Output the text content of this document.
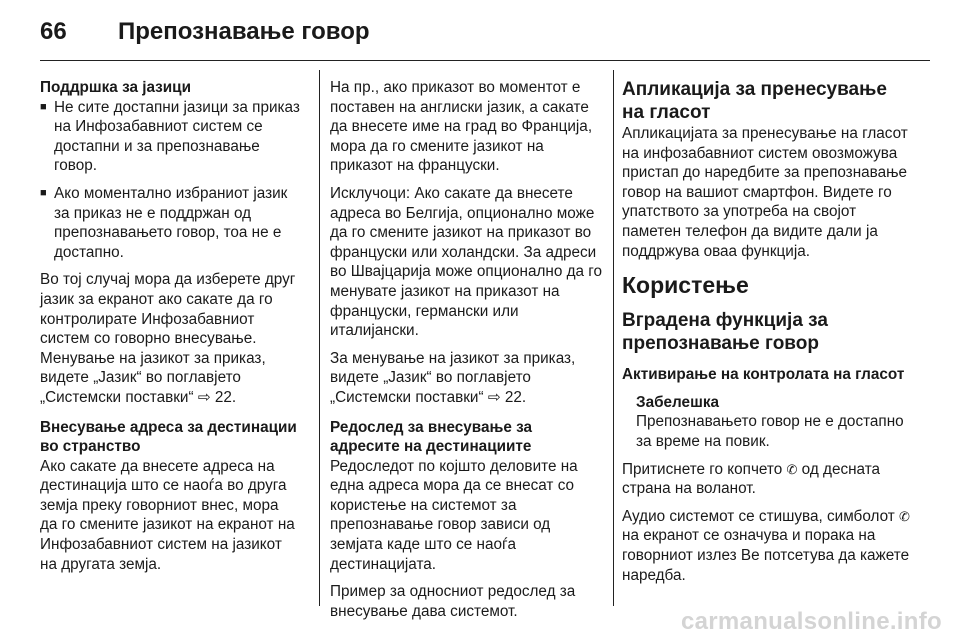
66	Препознавање говор

Поддршка за јазици

■ Не сите достапни јазици за приказ на Инфозабавниот систем се достапни и за препознавање говор.
■ Ако моментално избраниот јазик за приказ не е поддржан од препознавањето говор, тоа не е достапно.

Во тој случај мора да изберете друг јазик за екранот ако сакате да го контролирате Инфозабавниот систем со говорно внесување. Менување на јазикот за приказ, видете „Јазик“ во поглавјето „Системски поставки“ ⇨ 22.

Внесување адреса за дестинации во странство

Ако сакате да внесете адреса на дестинација што се наоѓа во друга земја преку говорниот внес, мора да го смените јазикот на екранот на Инфозабавниот систем на јазикот на другата земја.

На пр., ако приказот во моментот е поставен на англиски јазик, а сакате да внесете име на град во Франција, мора да го смените јазикот на приказот на француски.

Исклучоци: Ако сакате да внесете адреса во Белгија, опционално може да го смените јазикот на приказот во француски или холандски. За адреси во Швајцарија може опционално да го менувате јазикот на приказот на француски, германски или италијански.

За менување на јазикот за приказ, видете „Јазик“ во поглавјето „Системски поставки“ ⇨ 22.

Редослед за внесување за адресите на дестинациите

Редоследот по којшто деловите на една адреса мора да се внесат со користење на системот за препознавање говор зависи од земјата каде што се наоѓа дестинацијата.

Пример за односниот редослед за внесување дава системот.

Апликација за пренесување на гласот

Апликацијата за пренесување на гласот на инфозабавниот систем овозможува пристап до наредбите за препознавање говор на вашиот смартфон. Видете го упатството за употреба на својот паметен телефон да видите дали ја поддржува оваа функција.

Користење

Вградена функција за препознавање говор

Активирање на контролата на гласот

Забелешка

Препознавањето говор не е достапно за време на повик.

Притиснете го копчето ✆ од десната страна на воланот.

Аудио системот се стишува, симболот ✆ на екранот се означува и порака на говорниот излез Ве потсетува да кажете наредба.

carmanualsonline.info
